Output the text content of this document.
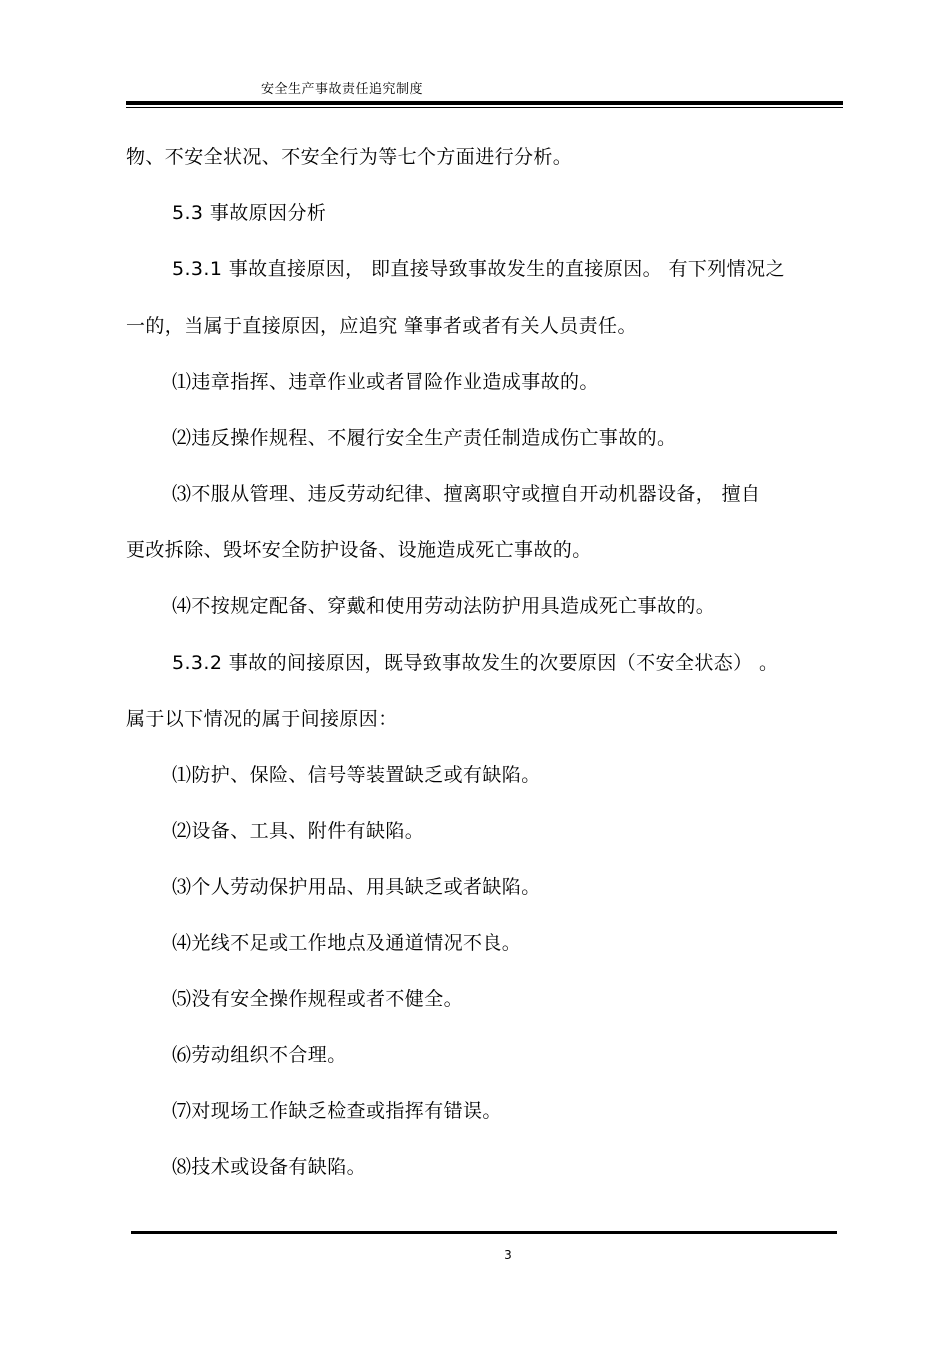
安全生产事故责任追究制度
物、不安全状况、不安全行为等七个方面进行分析。
5.3 事故原因分析
5.3.1 事故直接原因， 即直接导致事故发生的直接原因。 有下列情况之
一的，当属于直接原因，应追究 肇事者或者有关人员责任。
⑴违章指挥、违章作业或者冒险作业造成事故的。
⑵违反操作规程、不履行安全生产责任制造成伤亡事故的。
⑶不服从管理、违反劳动纪律、擅离职守或擅自开动机器设备， 擅自
更改拆除、毁坏安全防护设备、设施造成死亡事故的。
⑷不按规定配备、穿戴和使用劳动法防护用具造成死亡事故的。
5.3.2 事故的间接原因，既导致事故发生的次要原因（不安全状态） 。
属于以下情况的属于间接原因：
⑴防护、保险、信号等装置缺乏或有缺陷。
⑵设备、工具、附件有缺陷。
⑶个人劳动保护用品、用具缺乏或者缺陷。
⑷光线不足或工作地点及通道情况不良。
⑸没有安全操作规程或者不健全。
⑹劳动组织不合理。
⑺对现场工作缺乏检查或指挥有错误。
⑻技术或设备有缺陷。
3
